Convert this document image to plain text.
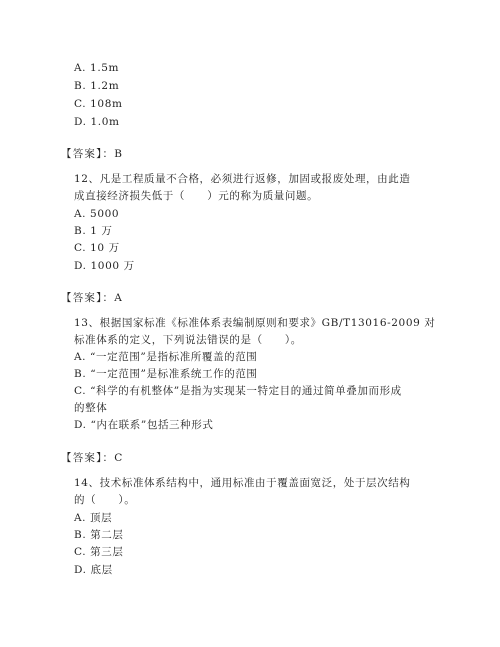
A. 1.5m
B. 1.2m
C. 108m
D. 1.0m
【答案】：B
12、凡是工程质量不合格，必须进行返修，加固或报废处理，由此造
成直接经济损失低于（　　）元的称为质量问题。
A. 5000
B. 1 万
C. 10 万
D. 1000 万
【答案】：A
13、根据国家标准《标准体系表编制原则和要求》GB/T13016-2009 对
标准体系的定义，下列说法错误的是（　　）。
A. “一定范围”是指标准所覆盖的范围
B. “一定范围”是标准系统工作的范围
C. “科学的有机整体”是指为实现某一特定目的通过简单叠加而形成
的整体
D. “内在联系”包括三种形式
【答案】：C
14、技术标准体系结构中，通用标准由于覆盖面宽泛，处于层次结构
的（　　）。
A. 顶层
B. 第二层
C. 第三层
D. 底层
